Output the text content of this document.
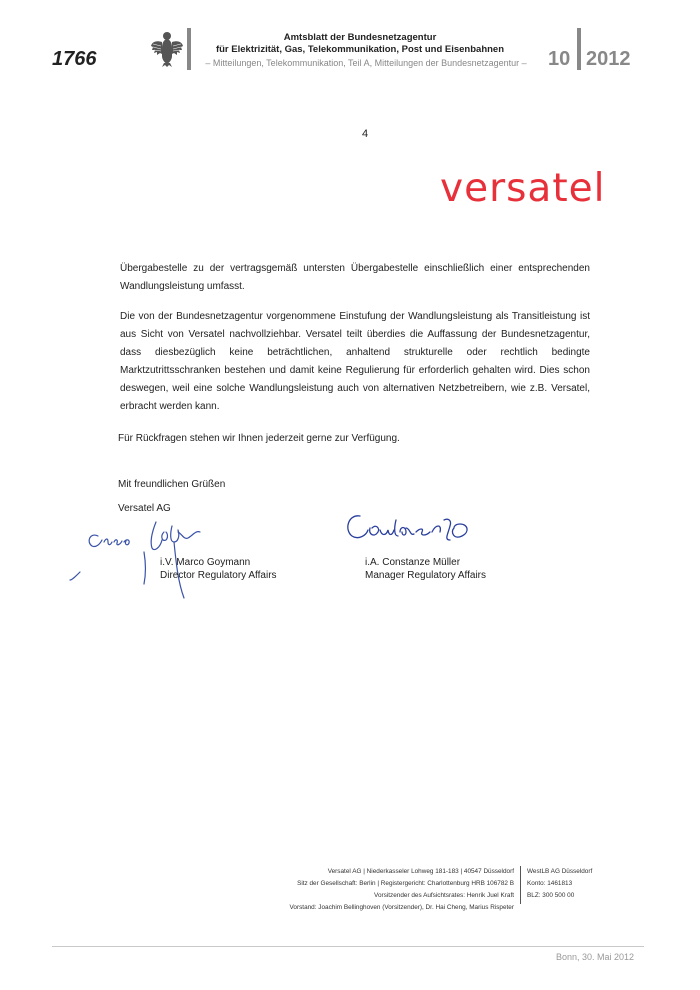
1766
Amtsblatt der Bundesnetzagentur
für Elektrizität, Gas, Telekommunikation, Post und Eisenbahnen
– Mitteilungen, Telekommunikation, Teil A, Mitteilungen der Bundesnetzagentur –	10 2012
4
versatel
Übergabestelle zu der vertragsgemäß untersten Übergabestelle einschließlich einer entsprechenden Wandlungsleistung umfasst.
Die von der Bundesnetzagentur vorgenommene Einstufung der Wandlungsleistung als Transitleistung ist aus Sicht von Versatel nachvollziehbar. Versatel teilt überdies die Auffassung der Bundesnetzagentur, dass diesbezüglich keine beträchtlichen, anhaltend strukturelle oder rechtlich bedingte Marktzutrittsschranken bestehen und damit keine Regulierung für erforderlich gehalten wird. Dies schon deswegen, weil eine solche Wandlungsleistung auch von alternativen Netzbetreibern, wie z.B. Versatel, erbracht werden kann.
Für Rückfragen stehen wir Ihnen jederzeit gerne zur Verfügung.
Mit freundlichen Grüßen
Versatel AG
i.V. Marco Goymann
Director Regulatory Affairs
i.A. Constanze Müller
Manager Regulatory Affairs
Versatel AG | Niederkasseler Lohweg 181-183 | 40547 Düsseldorf
Sitz der Gesellschaft: Berlin | Registergericht: Charlottenburg HRB 106782 B
Vorsitzender des Aufsichtsrates: Henrik Juel Kraft
Vorstand: Joachim Bellinghoven (Vorsitzender), Dr. Hai Cheng, Marius Rispeter
WestLB AG Düsseldorf
Konto: 1461813
BLZ: 300 500 00
Bonn, 30. Mai 2012
